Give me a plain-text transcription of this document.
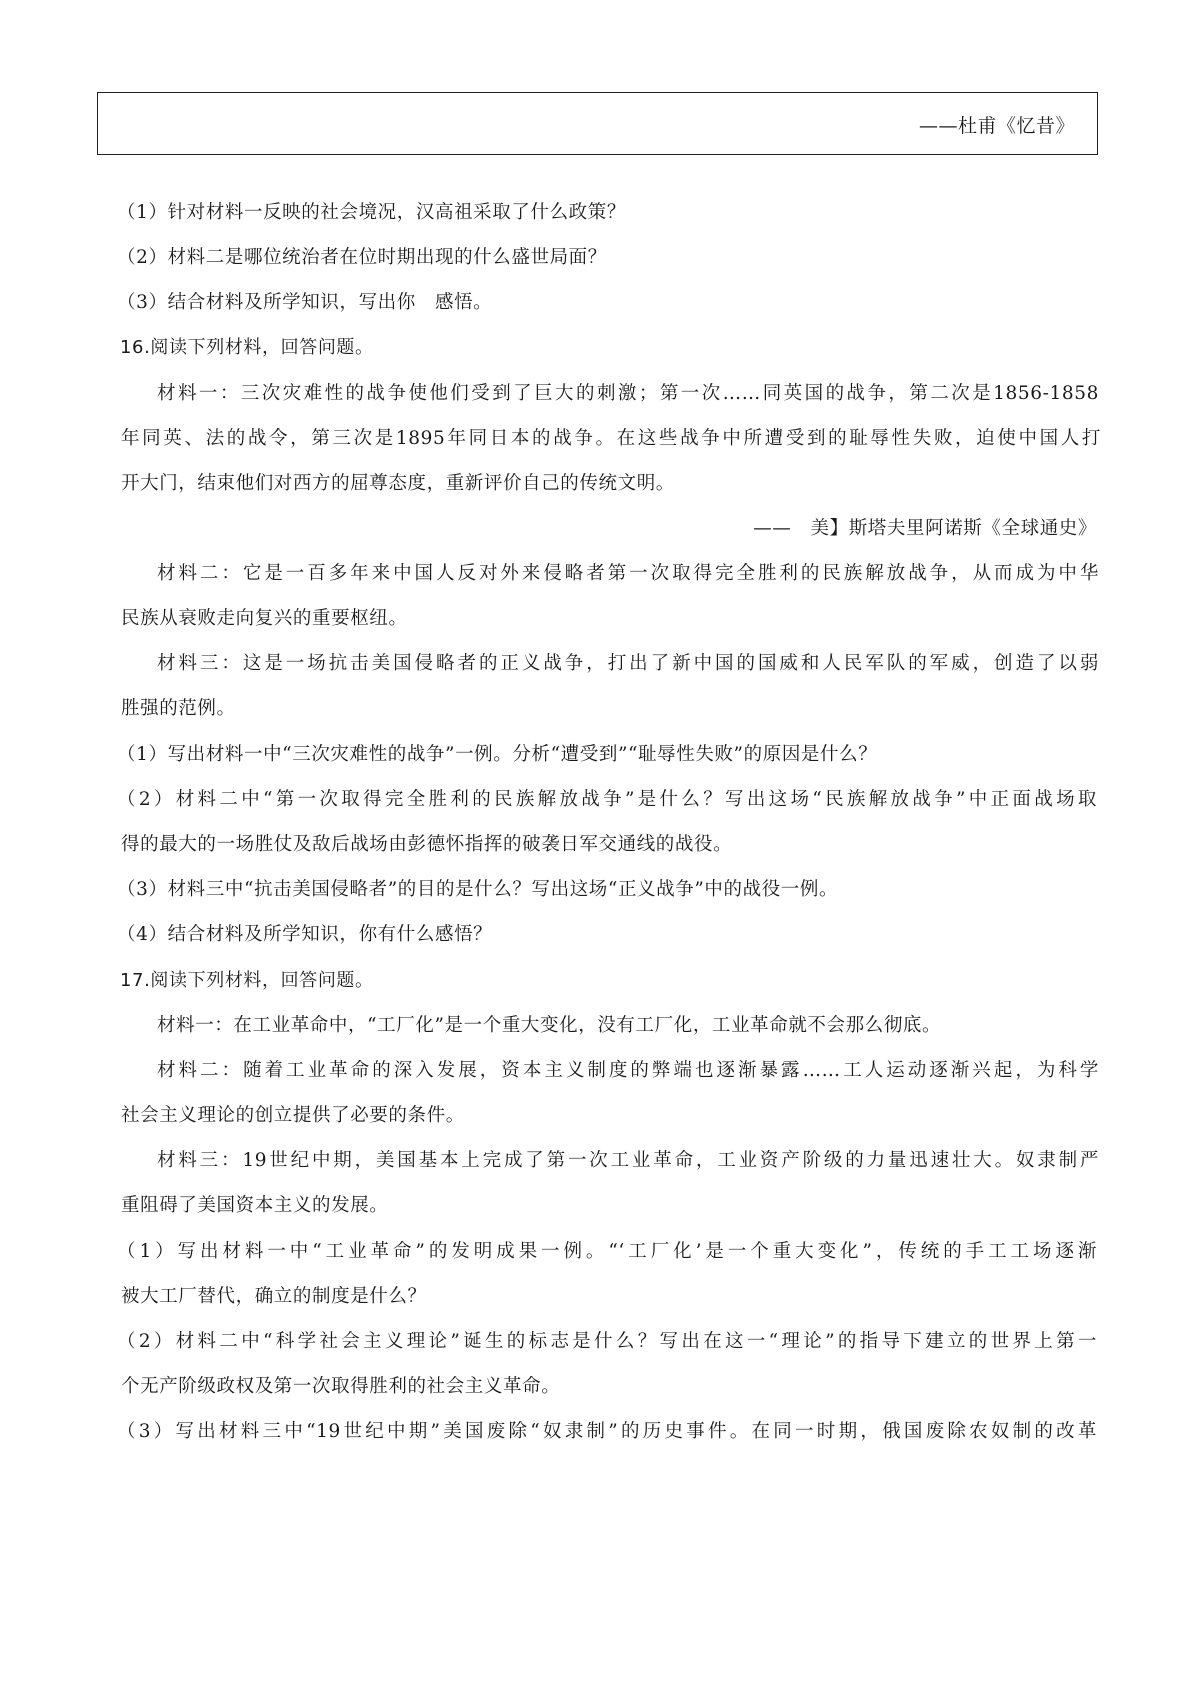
——杜甫《忆昔》
（1）针对材料一反映的社会境况，汉高祖采取了什么政策？
（2）材料二是哪位统治者在位时期出现的什么盛世局面？
（3）结合材料及所学知识，写出你　感悟。
16.阅读下列材料，回答问题。
材料一：三次灾难性的战争使他们受到了巨大的刺激；第一次……同英国的战争，第二次是1856-1858
年同英、法的战令，第三次是1895年同日本的战争。在这些战争中所遭受到的耻辱性失败，迫使中国人打
开大门，结束他们对西方的屈尊态度，重新评价自己的传统文明。
——　美】斯塔夫里阿诺斯《全球通史》
材料二：它是一百多年来中国人反对外来侵略者第一次取得完全胜利的民族解放战争，从而成为中华
民族从衰败走向复兴的重要枢纽。
材料三：这是一场抗击美国侵略者的正义战争，打出了新中国的国威和人民军队的军威，创造了以弱
胜强的范例。
（1）写出材料一中“三次灾难性的战争”一例。分析“遭受到”“耻辱性失败”的原因是什么？
（2）材料二中“第一次取得完全胜利的民族解放战争”是什么？写出这场“民族解放战争”中正面战场取
得的最大的一场胜仗及敌后战场由彭德怀指挥的破袭日军交通线的战役。
（3）材料三中“抗击美国侵略者”的目的是什么？写出这场“正义战争”中的战役一例。
（4）结合材料及所学知识，你有什么感悟？
17.阅读下列材料，回答问题。
材料一：在工业革命中，“工厂化”是一个重大变化，没有工厂化，工业革命就不会那么彻底。
材料二：随着工业革命的深入发展，资本主义制度的弊端也逐渐暴露……工人运动逐渐兴起，为科学
社会主义理论的创立提供了必要的条件。
材料三：19世纪中期，美国基本上完成了第一次工业革命，工业资产阶级的力量迅速壮大。奴隶制严
重阻碍了美国资本主义的发展。
（1）写出材料一中“工业革命”的发明成果一例。“‘工厂化’是一个重大变化”，传统的手工工场逐渐
被大工厂替代，确立的制度是什么？
（2）材料二中“科学社会主义理论”诞生的标志是什么？写出在这一“理论”的指导下建立的世界上第一
个无产阶级政权及第一次取得胜利的社会主义革命。
（3）写出材料三中“19世纪中期”美国废除“奴隶制”的历史事件。在同一时期，俄国废除农奴制的改革
